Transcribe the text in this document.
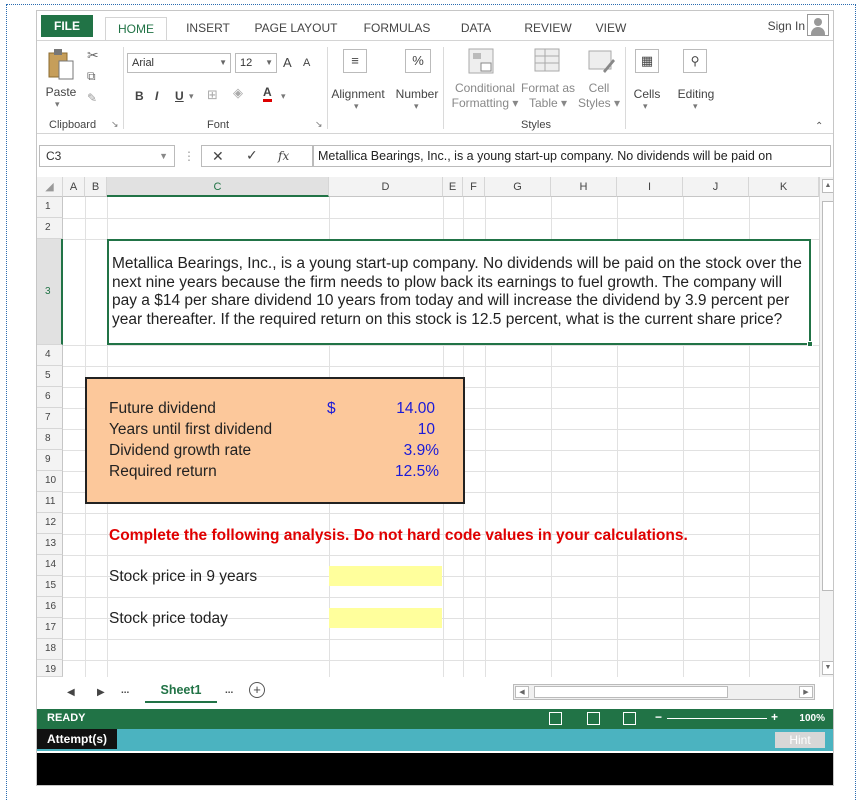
FILE	HOME	INSERT	PAGE LAYOUT	FORMULAS	DATA	REVIEW	VIEW	Sign In
Paste
▾
✂
⧉
✎
Clipboard ↘
Arial	▼	12 ▼ A A
B I U ▾ ⊞ ◈ A ▾
Font	↘
≡
Alignment
▾
%
Number
▾
Conditional
Formatting ▾
Format as
Table ▾
Cell
Styles ▾
Styles
▦
Cells
▾
⚲
Editing
▾
⌃
C3	▼ ⋮ ✕ ✓ fx	Metallica Bearings, Inc., is a young start-up company. No dividends will be paid on
◢	A	B	C	D	E	F	G	H	I	J	K
1
2
3
4
5
6
7
8
9
10
11
12
13
14
15
16
17
18
19
Metallica Bearings, Inc., is a young start-up company. No dividends will be paid on the stock over the next nine years because the firm needs to plow back its earnings to fuel growth. The company will pay a $14 per share dividend 10 years from today and will increase the dividend by 3.9 percent per year thereafter. If the required return on this stock is 12.5 percent, what is the current share price?
Future dividend	$	14.00
Years until first dividend	10
Dividend growth rate	3.9%
Required return	12.5%
Complete the following analysis. Do not hard code values in your calculations.
Stock price in 9 years
Stock price today
▲
▼
◀ ▶ ...	Sheet1	...	+	◀	▶
READY	−	+ 100%
Attempt(s)	Hint
